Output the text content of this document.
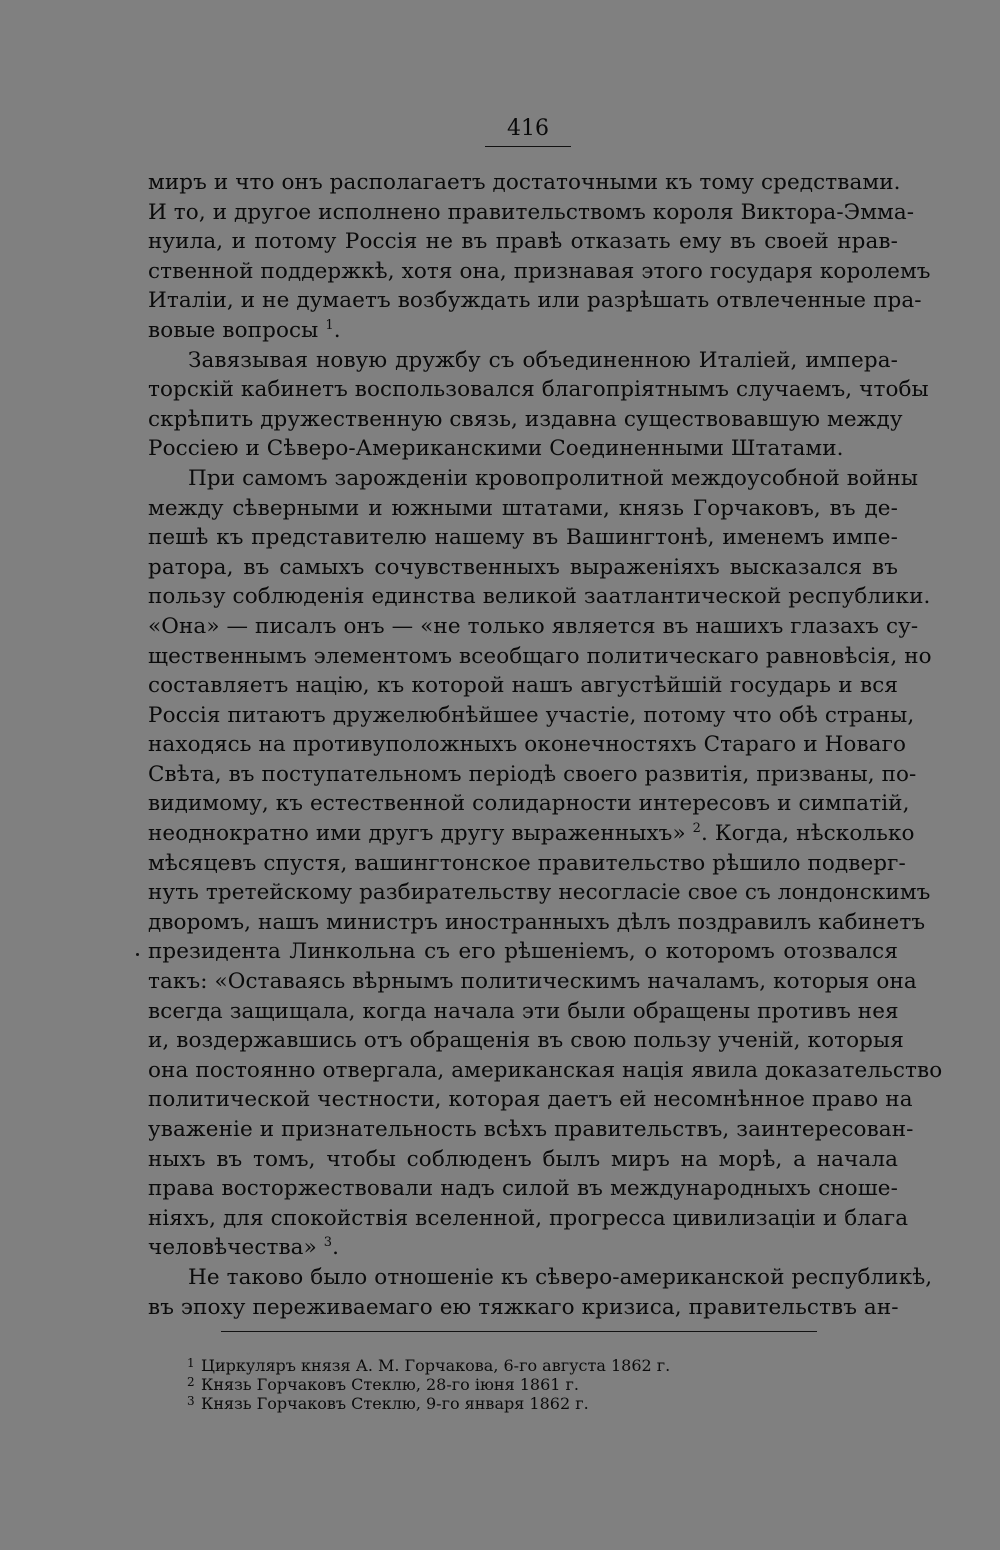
416
миръ и что онъ располагаетъ достаточными къ тому средствами.
И то, и другое исполнено правительствомъ короля Виктора-Эмма-
нуила, и потому Россія не въ правѣ отказать ему въ своей нрав-
ственной поддержкѣ, хотя она, признавая этого государя королемъ
Италіи, и не думаетъ возбуждать или разрѣшать отвлеченные пра-
вовые вопросы $^1$.
Завязывая новую дружбу съ объединенною Италіей, импера-
торскій кабинетъ воспользовался благопріятнымъ случаемъ, чтобы
скрѣпить дружественную связь, издавна существовавшую между
Россіею и Сѣверо-Американскими Соединенными Штатами.
При самомъ зарожденіи кровопролитной междоусобной войны
между сѣверными и южными штатами, князь Горчаковъ, въ де-
пешѣ къ представителю нашему въ Вашингтонѣ, именемъ импе-
ратора, въ самыхъ сочувственныхъ выраженіяхъ высказался въ
пользу соблюденія единства великой заатлантической республики.
«Она» — писалъ онъ — «не только является въ нашихъ глазахъ су-
щественнымъ элементомъ всеобщаго политическаго равновѣсія, но
составляетъ націю, къ которой нашъ августѣйшій государь и вся
Россія питаютъ дружелюбнѣйшее участіе, потому что обѣ страны,
находясь на противуположныхъ оконечностяхъ Стараго и Новаго
Свѣта, въ поступательномъ періодѣ своего развитія, призваны, по-
видимому, къ естественной солидарности интересовъ и симпатій,
неоднократно ими другъ другу выраженныхъ» $^2$. Когда, нѣсколько
мѣсяцевъ спустя, вашингтонское правительство рѣшило подверг-
нуть третейскому разбирательству несогласіе свое съ лондонскимъ
дворомъ, нашъ министръ иностранныхъ дѣлъ поздравилъ кабинетъ
президента Линкольна съ его рѣшеніемъ, о которомъ отозвался
такъ: «Оставаясь вѣрнымъ политическимъ началамъ, которыя она
всегда защищала, когда начала эти были обращены противъ нея
и, воздержавшись отъ обращенія въ свою пользу ученій, которыя
она постоянно отвергала, американская нація явила доказательство
политической честности, которая даетъ ей несомнѣнное право на
уваженіе и признательность всѣхъ правительствъ, заинтересован-
ныхъ въ томъ, чтобы соблюденъ былъ миръ на морѣ, а начала
права восторжествовали надъ силой въ международныхъ снoше-
ніяхъ, для спокойствія вселенной, прогресса цивилизаціи и блага
человѣчества» $^3$.
Не таково было отношеніе къ сѣверо-американской республикѣ,
въ эпоху переживаемаго ею тяжкаго кризиса, правительствъ ан-
1 Циркуляръ князя А. М. Горчакова, 6-го августа 1862 г.
2 Князь Горчаковъ Стеклю, 28-го іюня 1861 г.
3 Князь Горчаковъ Стеклю, 9-го января 1862 г.
